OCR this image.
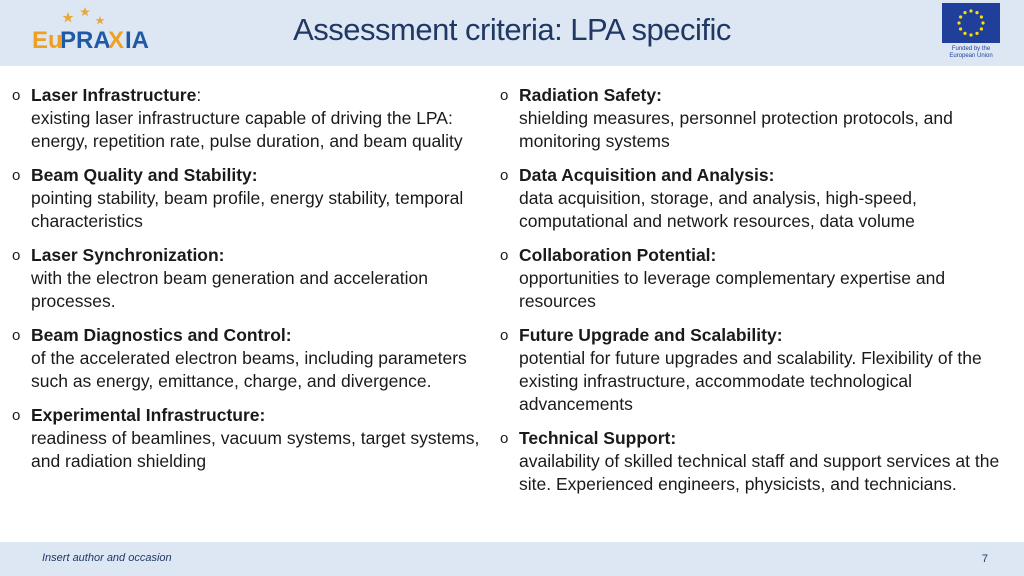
Eu
PRA
X IA	Assessment criteria: LPA specific
Funded by the
European Union
o Laser Infrastructure:
existing laser infrastructure capable of driving the LPA: energy, repetition rate, pulse duration, and beam quality
o Beam Quality and Stability:
pointing stability, beam profile, energy stability, temporal characteristics
o Laser Synchronization:
with the electron beam generation and acceleration processes.
o Beam Diagnostics and Control:
of the accelerated electron beams, including parameters such as energy, emittance, charge, and divergence.
o Experimental Infrastructure:
readiness of beamlines, vacuum systems, target systems, and radiation shielding
o Radiation Safety:
shielding measures, personnel protection protocols, and monitoring systems
o Data Acquisition and Analysis:
data acquisition, storage, and analysis, high-speed, computational and network resources, data volume
o Collaboration Potential:
opportunities to leverage complementary expertise and resources
o Future Upgrade and Scalability:
potential for future upgrades and scalability. Flexibility of the existing infrastructure, accommodate technological advancements
o Technical Support:
availability of skilled technical staff and support services at the site. Experienced engineers, physicists, and technicians.
Insert author and occasion	7
